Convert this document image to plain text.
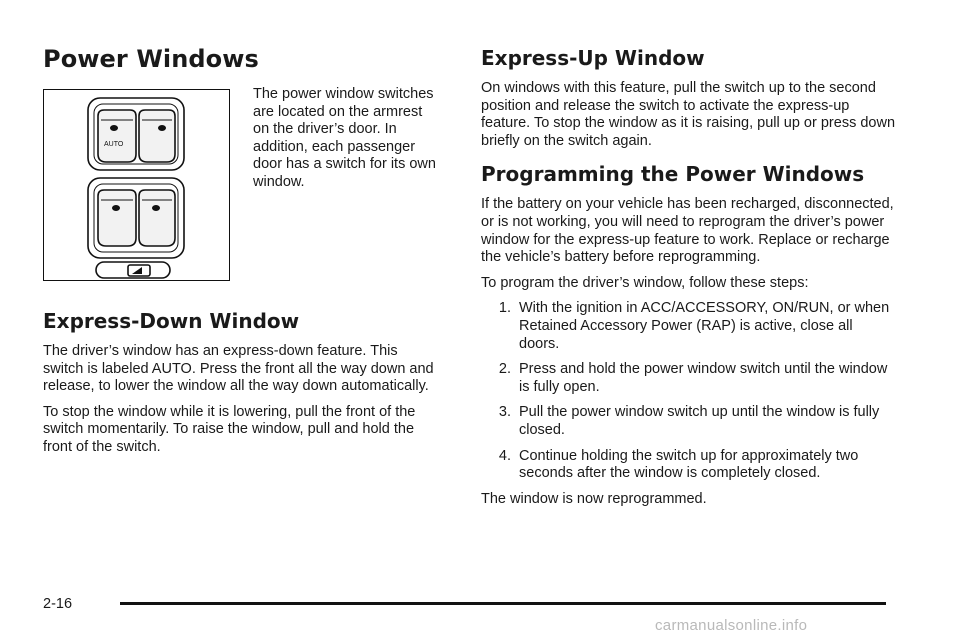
Power Windows
AUTO

The power window switches are located on the armrest on the driver’s door. In addition, each passenger door has a switch for its own window.

Express-Down Window

The driver’s window has an express-down feature. This switch is labeled AUTO. Press the front all the way down and release, to lower the window all the way down automatically.

To stop the window while it is lowering, pull the front of the switch momentarily. To raise the window, pull and hold the front of the switch.

Express-Up Window

On windows with this feature, pull the switch up to the second position and release the switch to activate the express-up feature. To stop the window as it is raising, pull up or press down briefly on the switch again.

Programming the Power Windows

If the battery on your vehicle has been recharged, disconnected, or is not working, you will need to reprogram the driver’s power window for the express-up feature to work. Replace or recharge the vehicle’s battery before reprogramming.

To program the driver’s window, follow these steps:

1. With the ignition in ACC/ACCESSORY, ON/RUN, or when Retained Accessory Power (RAP) is active, close all doors.
2. Press and hold the power window switch until the window is fully open.
3. Pull the power window switch up until the window is fully closed.
4. Continue holding the switch up for approximately two seconds after the window is completely closed.

The window is now reprogrammed.

2-16
carmanualsonline.info
